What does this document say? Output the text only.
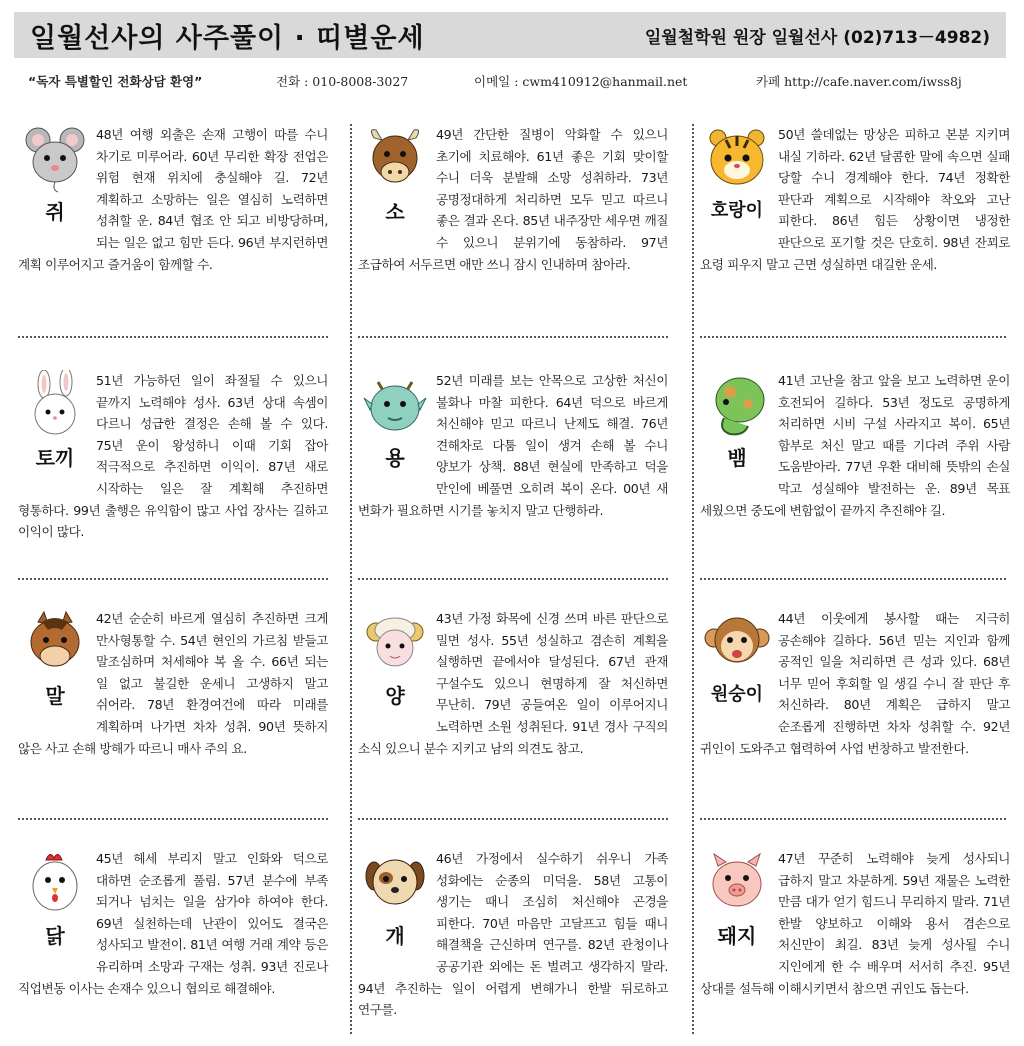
일월선사의 사주풀이 · 띠별운세	일월철학원 원장 일월선사 (02)713－4982)
“독자 특별할인 전화상담 환영”	전화 : 010-8008-3027	이메일 : cwm410912@hanmail.net	카페 http://cafe.naver.com/iwss8j
쥐
48년 여행 외출은 손재 고행이 따를 수니 차기로 미루어라. 60년 무리한 확장 전업은 위험 현재 위치에 충실해야 길. 72년 계획하고 소망하는 일은 열심히 노력하면 성취할 운. 84년 협조 안 되고 비방당하며, 되는 일은 없고 힘만 든다. 96년 부지런하면 계획 이루어지고 즐거움이 함께할 수.
소
49년 간단한 질병이 악화할 수 있으니 초기에 치료해야. 61년 좋은 기회 맞이할 수니 더욱 분발해 소망 성취하라. 73년 공명정대하게 처리하면 모두 믿고 따르니 좋은 결과 온다. 85년 내주장만 세우면 깨질 수 있으니 분위기에 동참하라. 97년 조급하여 서두르면 애만 쓰니 잠시 인내하며 참아라.
호랑이
50년 쓸데없는 망상은 피하고 본분 지키며 내실 기하라. 62년 달콤한 말에 속으면 실패 당할 수니 경계해야 한다. 74년 정확한 판단과 계획으로 시작해야 착오와 고난 피한다. 86년 힘든 상황이면 냉정한 판단으로 포기할 것은 단호히. 98년 잔꾀로 요령 피우지 말고 근면 성실하면 대길한 운세.
토끼
51년 가능하던 일이 좌절될 수 있으니 끝까지 노력해야 성사. 63년 상대 속셈이 다르니 성급한 결정은 손해 볼 수 있다. 75년 운이 왕성하니 이때 기회 잡아 적극적으로 추진하면 이익이. 87년 새로 시작하는 일은 잘 계획해 추진하면 형통하다. 99년 출행은 유익함이 많고 사업 장사는 길하고 이익이 많다.
용
52년 미래를 보는 안목으로 고상한 처신이 불화나 마찰 피한다. 64년 덕으로 바르게 처신해야 믿고 따르니 난제도 해결. 76년 견해차로 다툼 일이 생겨 손해 볼 수니 양보가 상책. 88년 현실에 만족하고 덕을 만인에 베풀면 오히려 복이 온다. 00년 새 변화가 필요하면 시기를 놓치지 말고 단행하라.
뱀
41년 고난을 참고 앞을 보고 노력하면 운이 호전되어 길하다. 53년 정도로 공명하게 처리하면 시비 구설 사라지고 복이. 65년 함부로 처신 말고 때를 기다려 주위 사람 도움받아라. 77년 우환 대비해 뜻밖의 손실 막고 성실해야 발전하는 운. 89년 목표 세웠으면 중도에 변함없이 끝까지 추진해야 길.
말
42년 순순히 바르게 열심히 추진하면 크게 만사형통할 수. 54년 현인의 가르침 받들고 말조심하며 처세해야 복 올 수. 66년 되는 일 없고 불길한 운세니 고생하지 말고 쉬어라. 78년 환경여건에 따라 미래를 계획하며 나가면 차차 성취. 90년 뜻하지 않은 사고 손해 방해가 따르니 매사 주의 요.
양
43년 가정 화목에 신경 쓰며 바른 판단으로 밀면 성사. 55년 성실하고 겸손히 계획을 실행하면 끝에서야 달성된다. 67년 관재 구설수도 있으니 현명하게 잘 처신하면 무난히. 79년 공들여온 일이 이루어지니 노력하면 소원 성취된다. 91년 경사 구직의 소식 있으니 분수 지키고 남의 의견도 참고.
원숭이
44년 이웃에게 봉사할 때는 지극히 공손해야 길하다. 56년 믿는 지인과 함께 공적인 일을 처리하면 큰 성과 있다. 68년 너무 믿어 후회할 일 생길 수니 잘 판단 후 처신하라. 80년 계획은 급하지 말고 순조롭게 진행하면 차차 성취할 수. 92년 귀인이 도와주고 협력하여 사업 번창하고 발전한다.
닭
45년 헤세 부리지 말고 인화와 덕으로 대하면 순조롭게 풀림. 57년 분수에 부족 되거나 넘치는 일을 삼가야 하여야 한다. 69년 실천하는데 난관이 있어도 결국은 성사되고 발전이. 81년 여행 거래 계약 등은 유리하며 소망과 구재는 성취. 93년 진로나 직업변동 이사는 손재수 있으니 협의로 해결해야.
개
46년 가정에서 실수하기 쉬우니 가족 성화에는 순종의 미덕을. 58년 고통이 생기는 때니 조심히 처신해야 곤경을 피한다. 70년 마음만 고달프고 힘들 때니 해결책을 근신하며 연구를. 82년 관청이나 공공기관 외에는 돈 벌려고 생각하지 말라. 94년 추진하는 일이 어렵게 변해가니 한발 뒤로하고 연구를.
돼지
47년 꾸준히 노력해야 늦게 성사되니 급하지 말고 차분하게. 59년 재물은 노력한 만큼 대가 얻기 힘드니 무리하지 말라. 71년 한발 양보하고 이해와 용서 겸손으로 처신만이 최길. 83년 늦게 성사될 수니 지인에게 한 수 배우며 서서히 추진. 95년 상대를 설득해 이해시키면서 참으면 귀인도 돕는다.
